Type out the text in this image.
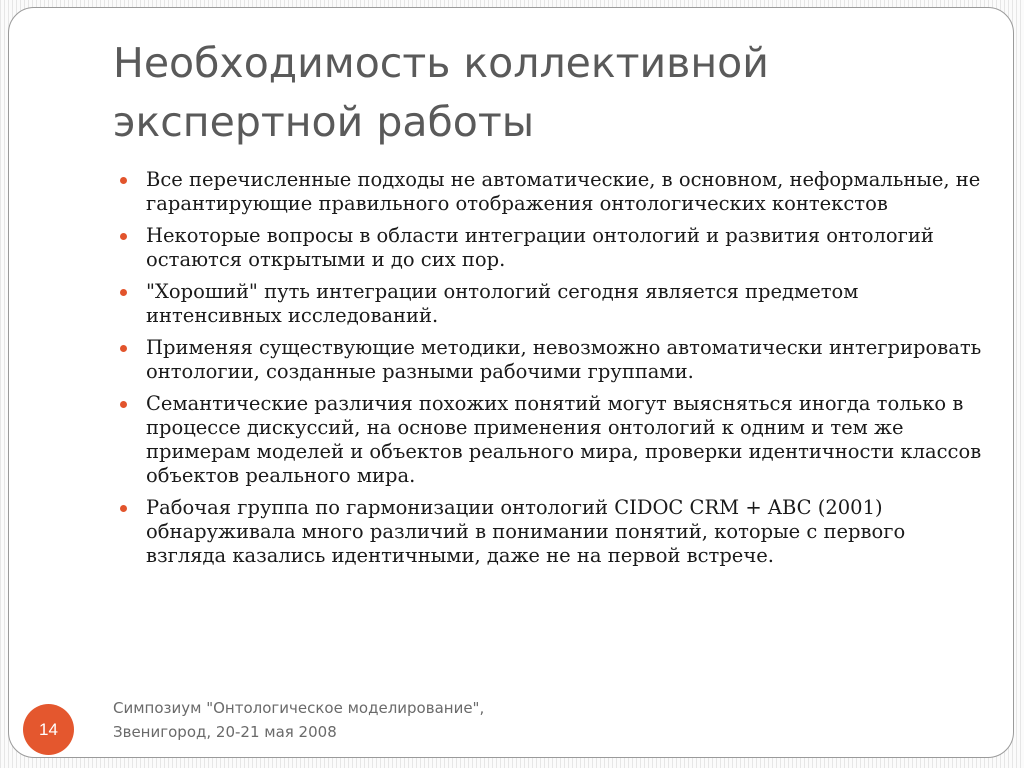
Необходимость коллективной
экспертной работы
Все перечисленные подходы не автоматические, в основном, неформальные, не гарантирующие правильного отображения онтологических контекстов
Некоторые вопросы в области интеграции онтологий и развития онтологий остаются открытыми и до сих пор.
"Хороший" путь интеграции онтологий сегодня является предметом интенсивных исследований.
Применяя существующие методики, невозможно автоматически интегрировать онтологии, созданные разными рабочими группами.
Семантические различия похожих понятий могут выясняться иногда только в процессе дискуссий, на основе применения онтологий к одним и тем же примерам моделей и объектов реального мира, проверки идентичности классов объектов реального мира.
Рабочая группа по гармонизации онтологий CIDOC CRM + ABC (2001) обнаруживала много различий в понимании понятий, которые с первого взгляда казались идентичными, даже не на первой встрече.
Симпозиум "Онтологическое моделирование",
Звенигород, 20-21 мая 2008
14
